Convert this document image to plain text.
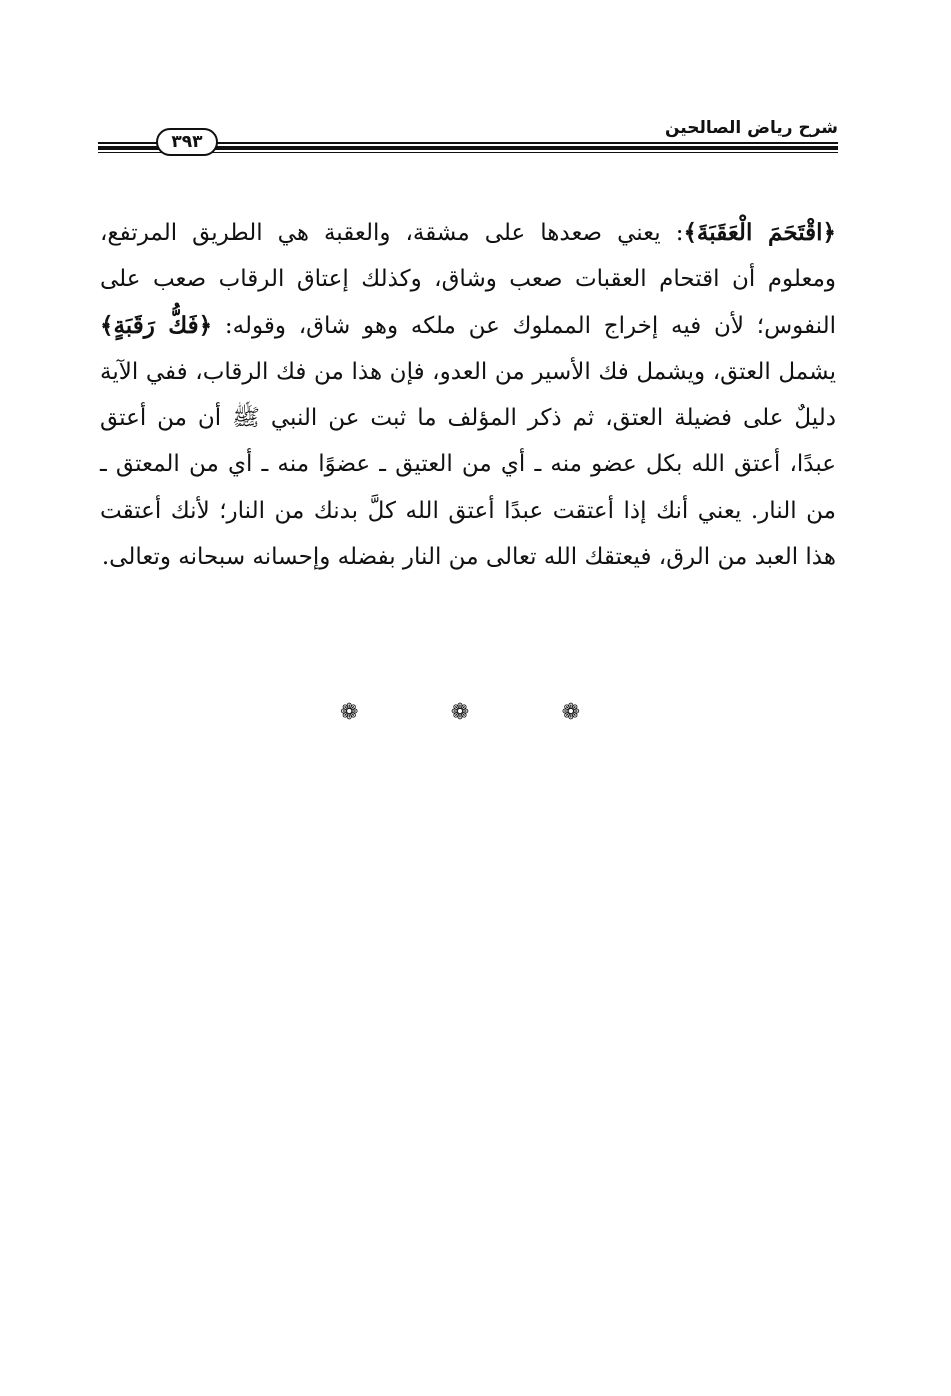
شرح رياض الصالحين
٣٩٣
﴿اقْتَحَمَ الْعَقَبَةَ﴾: يعني صعدها على مشقة، والعقبة هي الطريق المرتفع، ومعلوم أن اقتحام العقبات صعب وشاق، وكذلك إعتاق الرقاب صعب على النفوس؛ لأن فيه إخراج المملوك عن ملكه وهو شاق، وقوله: ﴿فَكُّ رَقَبَةٍ﴾ يشمل العتق، ويشمل فك الأسير من العدو، فإن هذا من فك الرقاب، ففي الآية دليلٌ على فضيلة العتق، ثم ذكر المؤلف ما ثبت عن النبي ﷺ أن من أعتق عبدًا، أعتق الله بكل عضو منه ـ أي من العتيق ـ عضوًا منه ـ أي من المعتق ـ من النار. يعني أنك إذا أعتقت عبدًا أعتق الله كلَّ بدنك من النار؛ لأنك أعتقت هذا العبد من الرق، فيعتقك الله تعالى من النار بفضله وإحسانه سبحانه وتعالى.
❁	❁	❁
